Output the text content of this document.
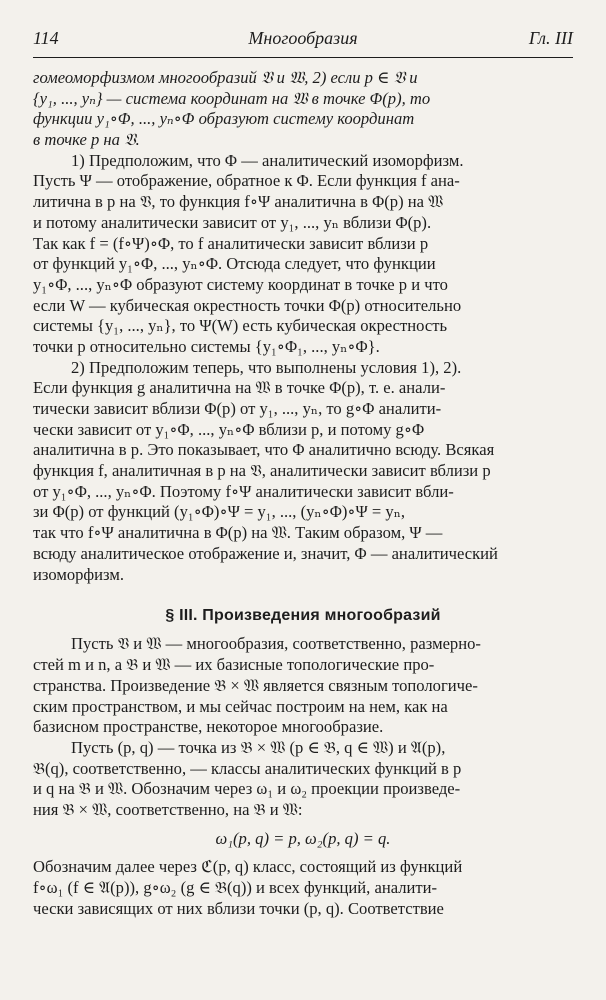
Многообразия
114	Гл. III
гомеоморфизмом многообразий 𝔙 и 𝔚, 2) если p ∈ 𝔙 и
{y₁, ..., yₙ} — система координат на 𝔚 в точке Φ(p), то
функции y₁∘Φ, ..., yₙ∘Φ образуют систему координат
в точке p на 𝔙.
1) Предположим, что Φ — аналитический изоморфизм.
Пусть Ψ — отображение, обратное к Φ. Если функция f ана-
литична в p на 𝔙, то функция f∘Ψ аналитична в Φ(p) на 𝔚
и потому аналитически зависит от y₁, ..., yₙ вблизи Φ(p).
Так как f = (f∘Ψ)∘Φ, то f аналитически зависит вблизи p
от функций y₁∘Φ, ..., yₙ∘Φ. Отсюда следует, что функции
y₁∘Φ, ..., yₙ∘Φ образуют систему координат в точке p и что
если W — кубическая окрестность точки Φ(p) относительно
системы {y₁, ..., yₙ}, то Ψ(W) есть кубическая окрестность
точки p относительно системы {y₁∘Φ₁, ..., yₙ∘Φ}.
2) Предположим теперь, что выполнены условия 1), 2).
Если функция g аналитична на 𝔚 в точке Φ(p), т. е. анали-
тически зависит вблизи Φ(p) от y₁, ..., yₙ, то g∘Φ аналити-
чески зависит от y₁∘Φ, ..., yₙ∘Φ вблизи p, и потому g∘Φ
аналитична в p. Это показывает, что Φ аналитично всюду. Всякая
функция f, аналитичная в p на 𝔙, аналитически зависит вблизи p
от y₁∘Φ, ..., yₙ∘Φ. Поэтому f∘Ψ аналитически зависит вбли-
зи Φ(p) от функций (y₁∘Φ)∘Ψ = y₁, ..., (yₙ∘Φ)∘Ψ = yₙ,
так что f∘Ψ аналитична в Φ(p) на 𝔚. Таким образом, Ψ —
всюду аналитическое отображение и, значит, Φ — аналитический
изоморфизм.
§ III. Произведения многообразий
Пусть 𝔙 и 𝔚 — многообразия, соответственно, размерно-
стей m и n, а 𝔅 и 𝔚 — их базисные топологические про-
странства. Произведение 𝔅 × 𝔚 является связным топологиче-
ским пространством, и мы сейчас построим на нем, как на
базисном пространстве, некоторое многообразие.
Пусть (p, q) — точка из 𝔅 × 𝔚 (p ∈ 𝔅, q ∈ 𝔚) и 𝔄(p),
𝔅(q), соответственно, — классы аналитических функций в p
и q на 𝔅 и 𝔚. Обозначим через ω₁ и ω₂ проекции произведе-
ния 𝔅 × 𝔚, соответственно, на 𝔅 и 𝔚:
ω₁(p, q) = p, ω₂(p, q) = q.
Обозначим далее через ℭ(p, q) класс, состоящий из функций
f∘ω₁ (f ∈ 𝔄(p)), g∘ω₂ (g ∈ 𝔅(q)) и всех функций, аналити-
чески зависящих от них вблизи точки (p, q). Соответствие
